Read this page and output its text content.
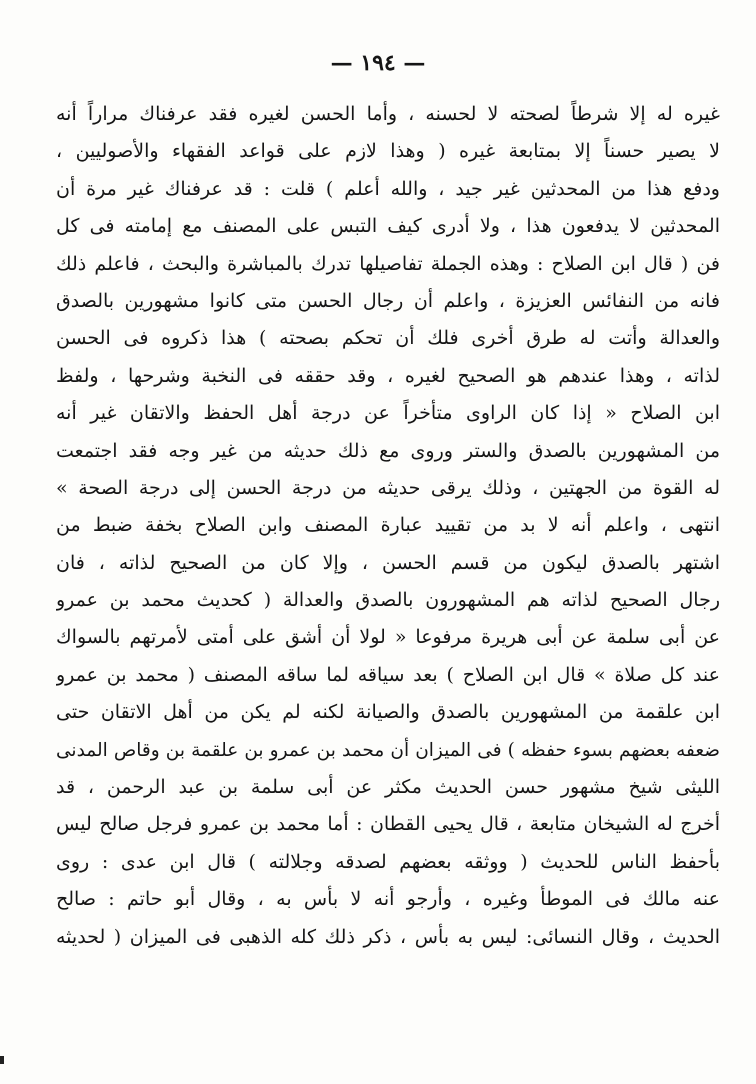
— ١٩٤ —
غيره له إلا شرطاً لصحته لا لحسنه ، وأما الحسن لغيره فقد عرفناك مراراً أنه
لا يصير حسناً إلا بمتابعة غيره ( وهذا لازم على قواعد الفقهاء والأصوليين ،
ودفع هذا من المحدثين غير جيد ، والله أعلم ) قلت : قد عرفناك غير مرة أن
المحدثين لا يدفعون هذا ، ولا أدرى كيف التبس على المصنف مع إمامته فى كل
فن ( قال ابن الصلاح : وهذه الجملة تفاصيلها تدرك بالمباشرة والبحث ، فاعلم ذلك
فانه من النفائس العزيزة ، واعلم أن رجال الحسن متى كانوا مشهورين بالصدق
والعدالة وأتت له طرق أخرى فلك أن تحكم بصحته ) هذا ذكروه فى الحسن
لذاته ، وهذا عندهم هو الصحيح لغيره ، وقد حققه فى النخبة وشرحها ، ولفظ
ابن الصلاح « إذا كان الراوى متأخراً عن درجة أهل الحفظ والاتقان غير أنه
من المشهورين بالصدق والستر وروى مع ذلك حديثه من غير وجه فقد اجتمعت
له القوة من الجهتين ، وذلك يرقى حديثه من درجة الحسن إلى درجة الصحة »
انتهى ، واعلم أنه لا بد من تقييد عبارة المصنف وابن الصلاح بخفة ضبط من
اشتهر بالصدق ليكون من قسم الحسن ، وإلا كان من الصحيح لذاته ، فان
رجال الصحيح لذاته هم المشهورون بالصدق والعدالة ( كحديث محمد بن عمرو
عن أبى سلمة عن أبى هريرة مرفوعا « لولا أن أشق على أمتى لأمرتهم بالسواك
عند كل صلاة » قال ابن الصلاح ) بعد سياقه لما ساقه المصنف ( محمد بن عمرو
ابن علقمة من المشهورين بالصدق والصيانة لكنه لم يكن من أهل الاتقان حتى
ضعفه بعضهم بسوء حفظه ) فى الميزان أن محمد بن عمرو بن علقمة بن وقاص المدنى
الليثى شيخ مشهور حسن الحديث مكثر عن أبى سلمة بن عبد الرحمن ، قد
أخرج له الشيخان متابعة ، قال يحيى القطان : أما محمد بن عمرو فرجل صالح ليس
بأحفظ الناس للحديث ( ووثقه بعضهم لصدقه وجلالته ) قال ابن عدى : روى
عنه مالك فى الموطأ وغيره ، وأرجو أنه لا بأس به ، وقال أبو حاتم : صالح
الحديث ، وقال النسائى: ليس به بأس ، ذكر ذلك كله الذهبى فى الميزان ( لحديثه
